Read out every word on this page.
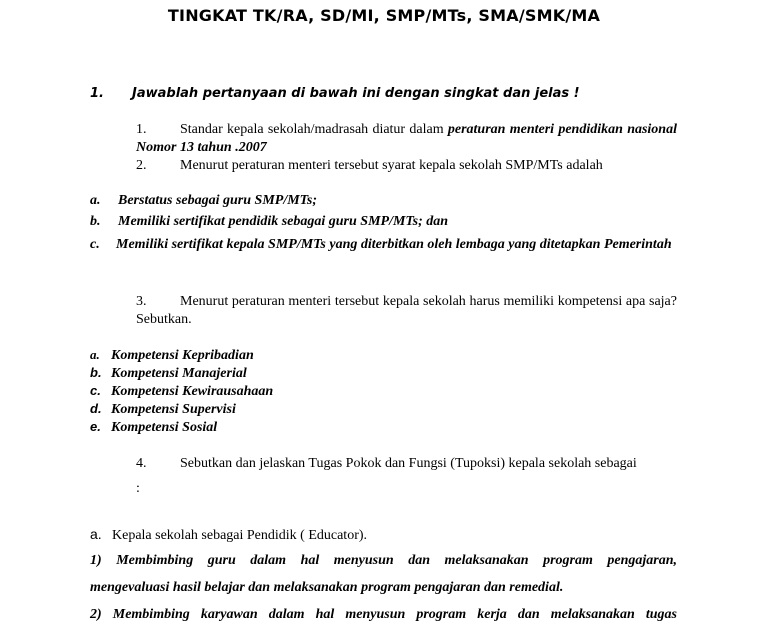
TINGKAT TK/RA, SD/MI, SMP/MTs, SMA/SMK/MA
1. Jawablah pertanyaan di bawah ini dengan singkat dan jelas !
1. Standar kepala sekolah/madrasah diatur dalam peraturan menteri pendidikan nasional Nomor 13 tahun .2007
2. Menurut peraturan menteri tersebut syarat kepala sekolah SMP/MTs adalah
a. Berstatus sebagai guru SMP/MTs;
b. Memiliki sertifikat pendidik sebagai guru SMP/MTs; dan
c. Memiliki sertifikat kepala SMP/MTs yang diterbitkan oleh lembaga yang ditetapkan Pemerintah
3. Menurut peraturan menteri tersebut kepala sekolah harus memiliki kompetensi apa saja? Sebutkan.
a. Kompetensi Kepribadian
b. Kompetensi Manajerial
c. Kompetensi Kewirausahaan
d. Kompetensi Supervisi
e. Kompetensi Sosial
4. Sebutkan dan jelaskan Tugas Pokok dan Fungsi (Tupoksi) kepala sekolah sebagai
:
a. Kepala sekolah sebagai Pendidik ( Educator).
1) Membimbing guru dalam hal menyusun dan melaksanakan program pengajaran,
mengevaluasi hasil belajar dan melaksanakan program pengajaran dan remedial.
2) Membimbing karyawan dalam hal menyusun program kerja dan melaksanakan tugas
